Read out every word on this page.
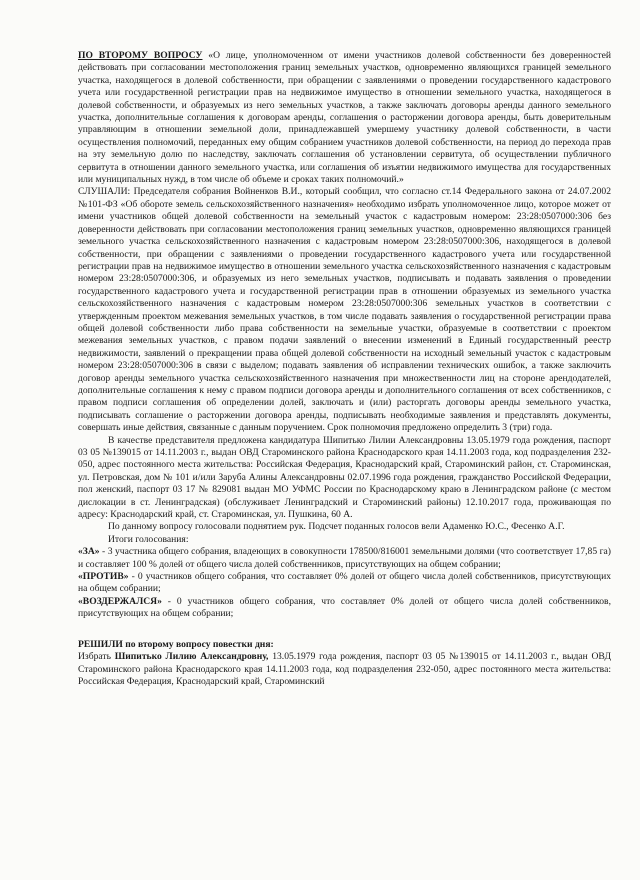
ПО ВТОРОМУ ВОПРОСУ «О лице, уполномоченном от имени участников долевой собственности без доверенностей действовать при согласовании местоположения границ земельных участков, одновременно являющихся границей земельного участка, находящегося в долевой собственности, при обращении с заявлениями о проведении государственного кадастрового учета или государственной регистрации прав на недвижимое имущество в отношении земельного участка, находящегося в долевой собственности, и образуемых из него земельных участков, а также заключать договоры аренды данного земельного участка, дополнительные соглашения к договорам аренды, соглашения о расторжении договора аренды, быть доверительным управляющим в отношении земельной доли, принадлежавшей умершему участнику долевой собственности, в части осуществления полномочий, переданных ему общим собранием участников долевой собственности, на период до перехода прав на эту земельную долю по наследству, заключать соглашения об установлении сервитута, об осуществлении публичного сервитута в отношении данного земельного участка, или соглашения об изъятии недвижимого имущества для государственных или муниципальных нужд, в том числе об объеме и сроках таких полномочий.»

СЛУШАЛИ: Председателя собрания Войненков В.И., который сообщил, что согласно ст.14 Федерального закона от 24.07.2002 №101-ФЗ «Об обороте земель сельскохозяйственного назначения» необходимо избрать уполномоченное лицо, которое может от имени участников общей долевой собственности на земельный участок с кадастровым номером: 23:28:0507000:306 без доверенности действовать при согласовании местоположения границ земельных участков, одновременно являющихся границей земельного участка сельскохозяйственного назначения с кадастровым номером 23:28:0507000:306, находящегося в долевой собственности, при обращении с заявлениями о проведении государственного кадастрового учета или государственной регистрации прав на недвижимое имущество в отношении земельного участка сельскохозяйственного назначения с кадастровым номером 23:28:0507000:306, и образуемых из него земельных участков, подписывать и подавать заявления о проведении государственного кадастрового учета и государственной регистрации прав в отношении образуемых из земельного участка сельскохозяйственного назначения с кадастровым номером 23:28:0507000:306 земельных участков в соответствии с утвержденным проектом межевания земельных участков, в том числе подавать заявления о государственной регистрации права общей долевой собственности либо права собственности на земельные участки, образуемые в соответствии с проектом межевания земельных участков, с правом подачи заявлений о внесении изменений в Единый государственный реестр недвижимости, заявлений о прекращении права общей долевой собственности на исходный земельный участок с кадастровым номером 23:28:0507000:306 в связи с выделом; подавать заявления об исправлении технических ошибок, а также заключить договор аренды земельного участка сельскохозяйственного назначения при множественности лиц на стороне арендодателей, дополнительные соглашения к нему с правом подписи договора аренды и дополнительного соглашения от всех собственников, с правом подписи соглашения об определении долей, заключать и (или) расторгать договоры аренды земельного участка, подписывать соглашение о расторжении договора аренды, подписывать необходимые заявления и представлять документы, совершать иные действия, связанные с данным поручением. Срок полномочия предложено определить 3 (три) года.

В качестве представителя предложена кандидатура Шипитько Лилии Александровны 13.05.1979 года рождения, паспорт 03 05 №139015 от 14.11.2003 г., выдан ОВД Староминского района Краснодарского края 14.11.2003 года, код подразделения 232-050, адрес постоянного места жительства: Российская Федерация, Краснодарский край, Староминский район, ст. Староминская, ул. Петровская, дом № 101 и/или Заруба Алины Александровны 02.07.1996 года рождения, гражданство Российской Федерации, пол женский, паспорт 03 17 № 829081 выдан МО УФМС России по Краснодарскому краю в Ленинградском районе (с местом дислокации в ст. Ленинградская) (обслуживает Ленинградский и Староминский районы) 12.10.2017 года, проживающая по адресу: Краснодарский край, ст. Староминская, ул. Пушкина, 60 А.

По данному вопросу голосовали поднятием рук. Подсчет поданных голосов вели Адаменко Ю.С., Фесенко А.Г.

Итоги голосования:

«ЗА» - 3 участника общего собрания, владеющих в совокупности 178500/816001 земельными долями (что соответствует 17,85 га) и составляет 100 % долей от общего числа долей собственников, присутствующих на общем собрании;

«ПРОТИВ» - 0 участников общего собрания, что составляет 0% долей от общего числа долей собственников, присутствующих на общем собрании;

«ВОЗДЕРЖАЛСЯ» - 0 участников общего собрания, что составляет 0% долей от общего числа долей собственников, присутствующих на общем собрании;

РЕШИЛИ по второму вопросу повестки дня:

Избрать Шипитько Лилию Александровну, 13.05.1979 года рождения, паспорт 03 05 №139015 от 14.11.2003 г., выдан ОВД Староминского района Краснодарского края 14.11.2003 года, код подразделения 232-050, адрес постоянного места жительства: Российская Федерация, Краснодарский край, Староминский
